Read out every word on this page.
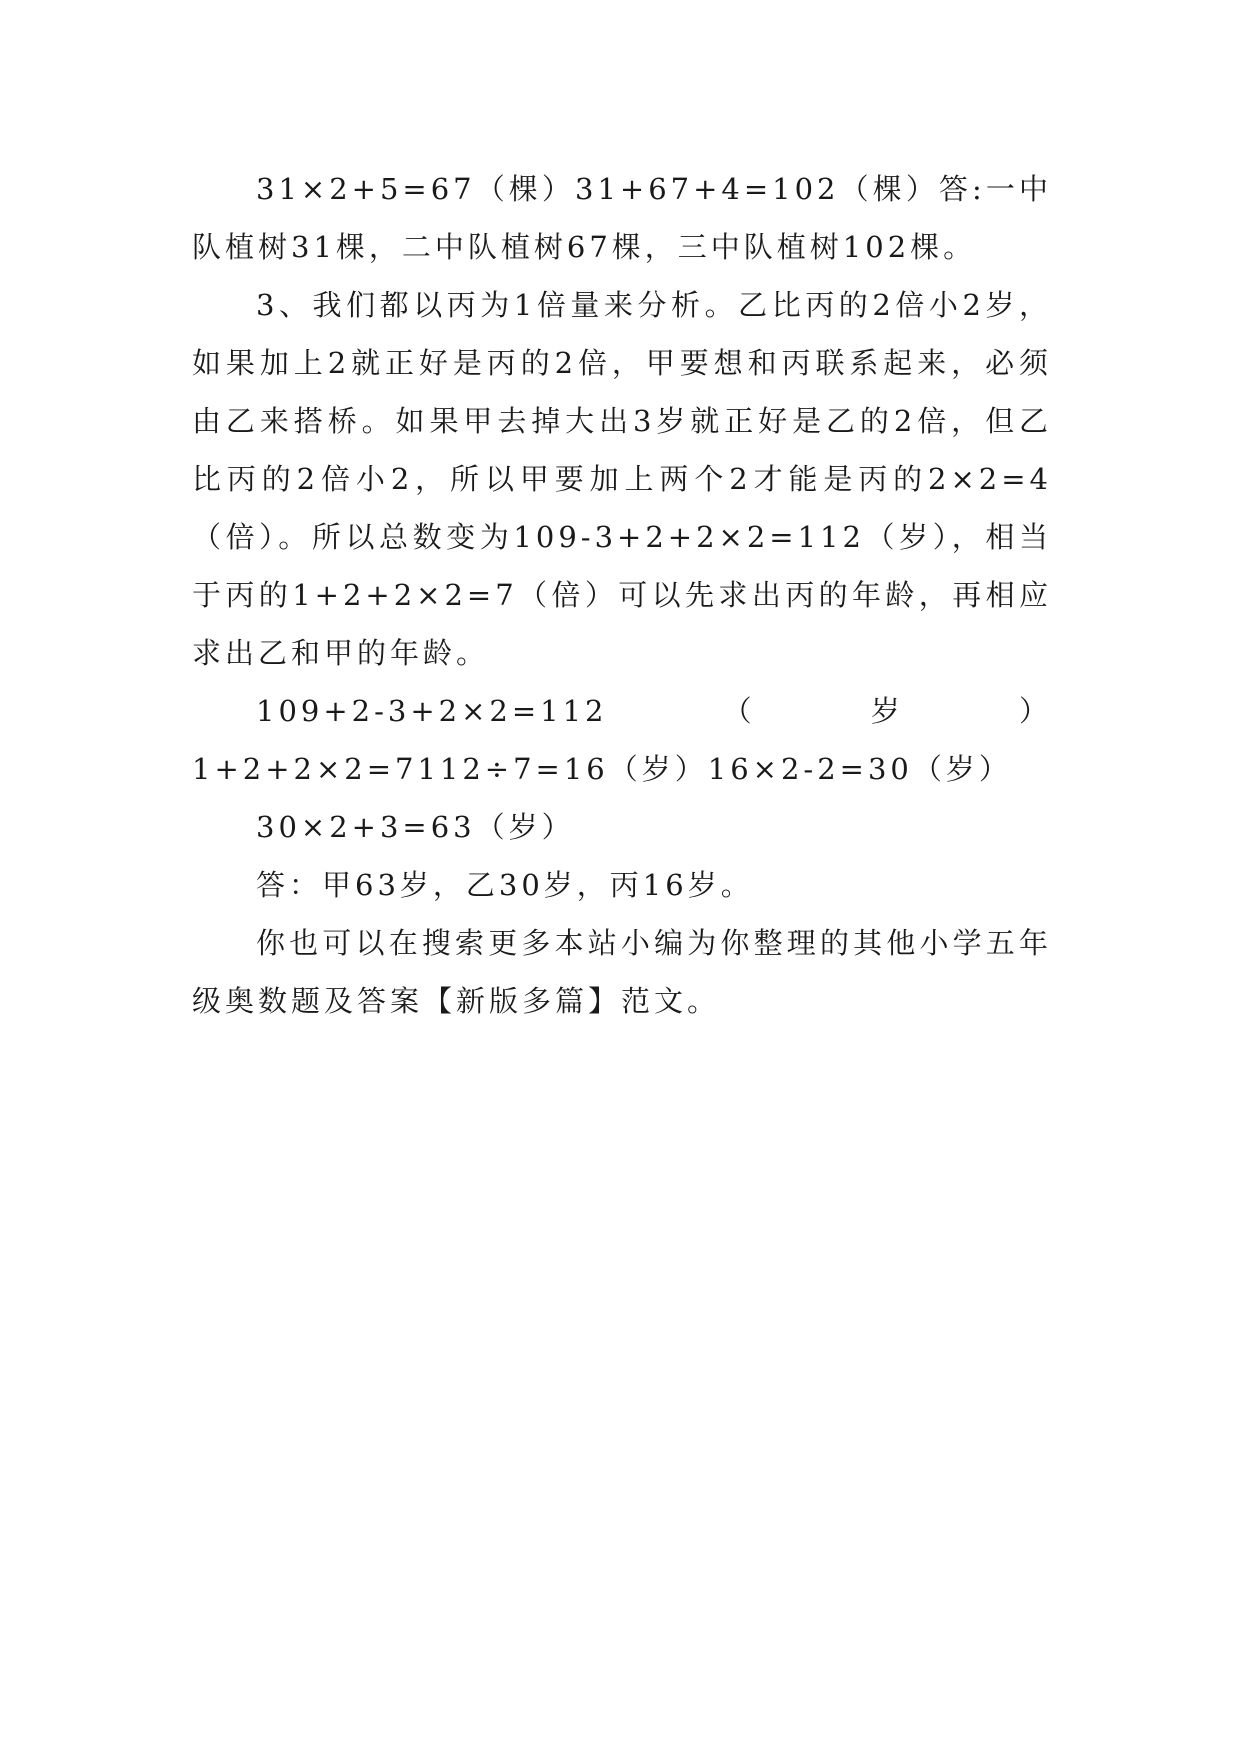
31×2+5=67（棵）31+67+4=102（棵）答:一中队植树31棵，二中队植树67棵，三中队植树102棵。

3、我们都以丙为1倍量来分析。乙比丙的2倍小2岁，如果加上2就正好是丙的2倍，甲要想和丙联系起来，必须由乙来搭桥。如果甲去掉大出3岁就正好是乙的2倍，但乙比丙的2倍小2，所以甲要加上两个2才能是丙的2×2=4（倍）。所以总数变为109-3+2+2×2=112（岁），相当于丙的1+2+2×2=7（倍）可以先求出丙的年龄，再相应求出乙和甲的年龄。

109+2-3+2×2=112（岁）1+2+2×2=7112÷7=16（岁）16×2-2=30（岁）

30×2+3=63（岁）

答：甲63岁，乙30岁，丙16岁。

你也可以在搜索更多本站小编为你整理的其他小学五年级奥数题及答案【新版多篇】范文。
